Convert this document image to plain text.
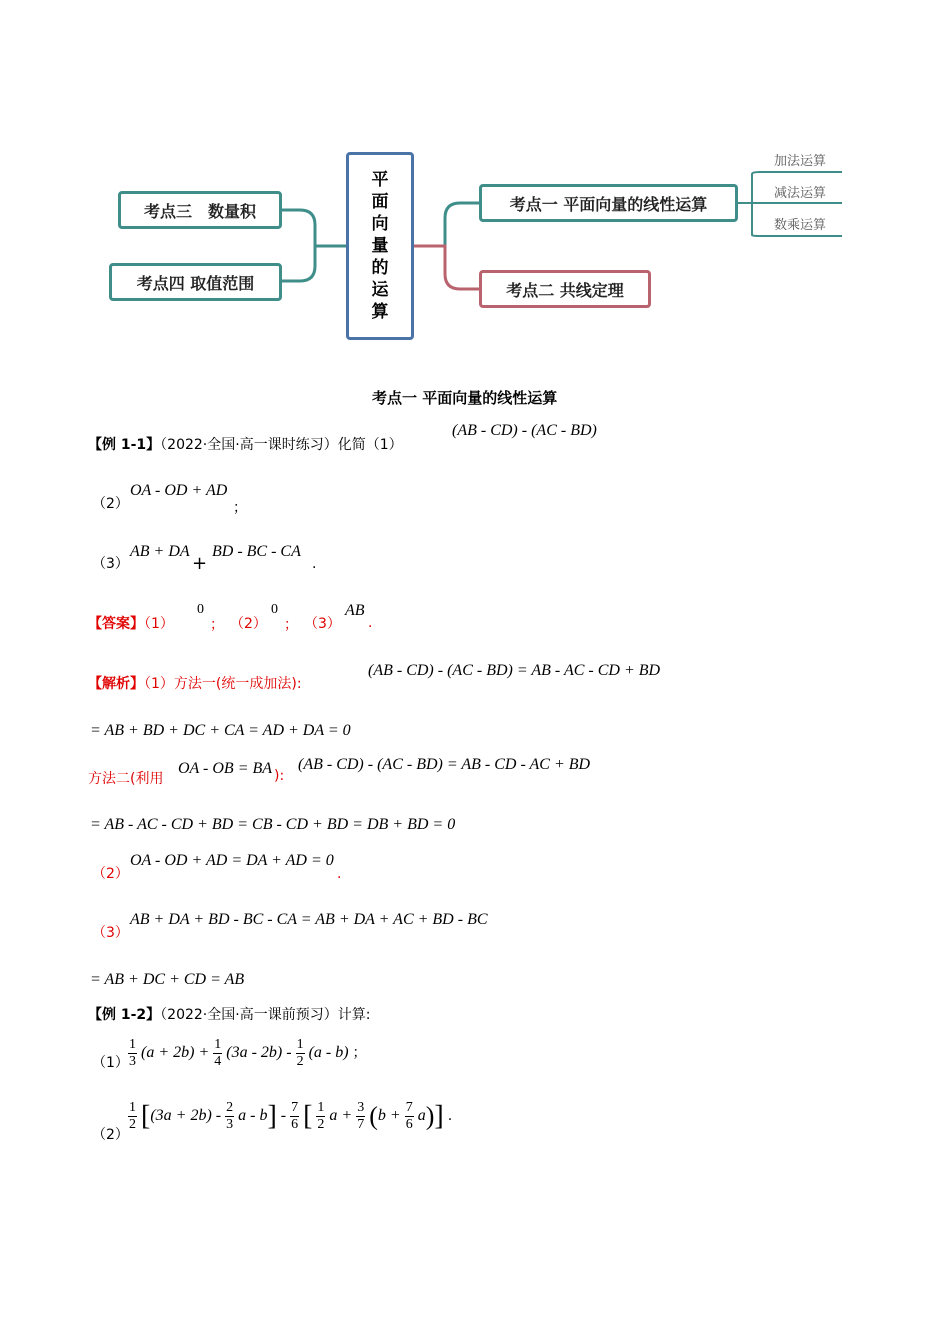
平
面
向
量
的
运
算
考点三　数量积
考点四 取值范围
考点一 平面向量的线性运算
考点二 共线定理
加法运算
减法运算
数乘运算
考点一 平面向量的线性运算
【例 1-1】（2022·全国·高一课时练习）化简（1）
(AB - CD) - (AC - BD)
（2）
OA - OD + AD
；
（3）
AB + DA
+
BD - BC - CA
.
【答案】（1）
0
； （2）
0
； （3）
AB
.
【解析】（1）方法一(统一成加法):
(AB - CD) - (AC - BD) = AB - AC - CD + BD
= AB + BD + DC + CA = AD + DA = 0
方法二(利用
OA - OB = BA ):
(AB - CD) - (AC - BD) = AB - CD - AC + BD
= AB - AC - CD + BD = CB - CD + BD = DB + BD = 0
（2）
OA - OD + AD = DA + AD = 0
.
（3）
AB + DA + BD - BC - CA = AB + DA + AC + BD - BC
= AB + DC + CD = AB
【例 1-2】（2022·全国·高一课前预习）计算:
$(1) \frac{1}{3} (a + 2b) + \frac{1}{4} (3a - 2b) - \frac{1}{2} (a - b)$ ；
（2）
$\frac{1}{2} [(3a + 2b) - \frac{2}{3}$ a - $b] - \frac{7}{6}$ [ $\frac{1}{2}$ $a + \frac{3}{7} (b + \frac{7}{6} a)$] .
